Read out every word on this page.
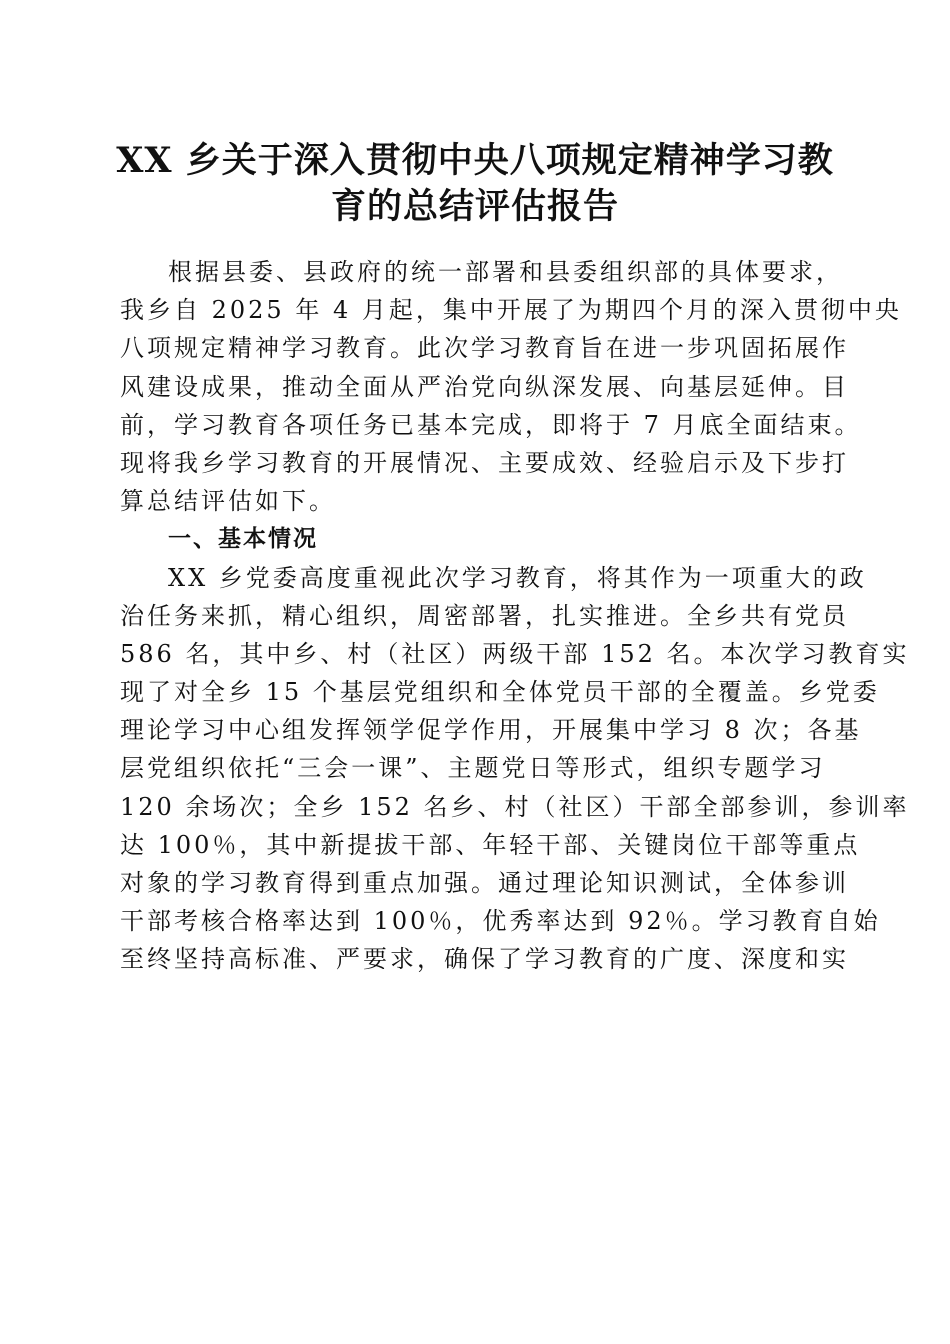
XX 乡关于深入贯彻中央八项规定精神学习教
育的总结评估报告
根据县委、县政府的统一部署和县委组织部的具体要求，
我乡自 2025 年 4 月起，集中开展了为期四个月的深入贯彻中央
八项规定精神学习教育。此次学习教育旨在进一步巩固拓展作
风建设成果，推动全面从严治党向纵深发展、向基层延伸。目
前，学习教育各项任务已基本完成，即将于 7 月底全面结束。
现将我乡学习教育的开展情况、主要成效、经验启示及下步打
算总结评估如下。
一、基本情况
XX 乡党委高度重视此次学习教育，将其作为一项重大的政
治任务来抓，精心组织，周密部署，扎实推进。全乡共有党员
586 名，其中乡、村（社区）两级干部 152 名。本次学习教育实
现了对全乡 15 个基层党组织和全体党员干部的全覆盖。乡党委
理论学习中心组发挥领学促学作用，开展集中学习 8 次；各基
层党组织依托“三会一课”、主题党日等形式，组织专题学习
120 余场次；全乡 152 名乡、村（社区）干部全部参训，参训率
达 100％，其中新提拔干部、年轻干部、关键岗位干部等重点
对象的学习教育得到重点加强。通过理论知识测试，全体参训
干部考核合格率达到 100％，优秀率达到 92％。学习教育自始
至终坚持高标准、严要求，确保了学习教育的广度、深度和实
